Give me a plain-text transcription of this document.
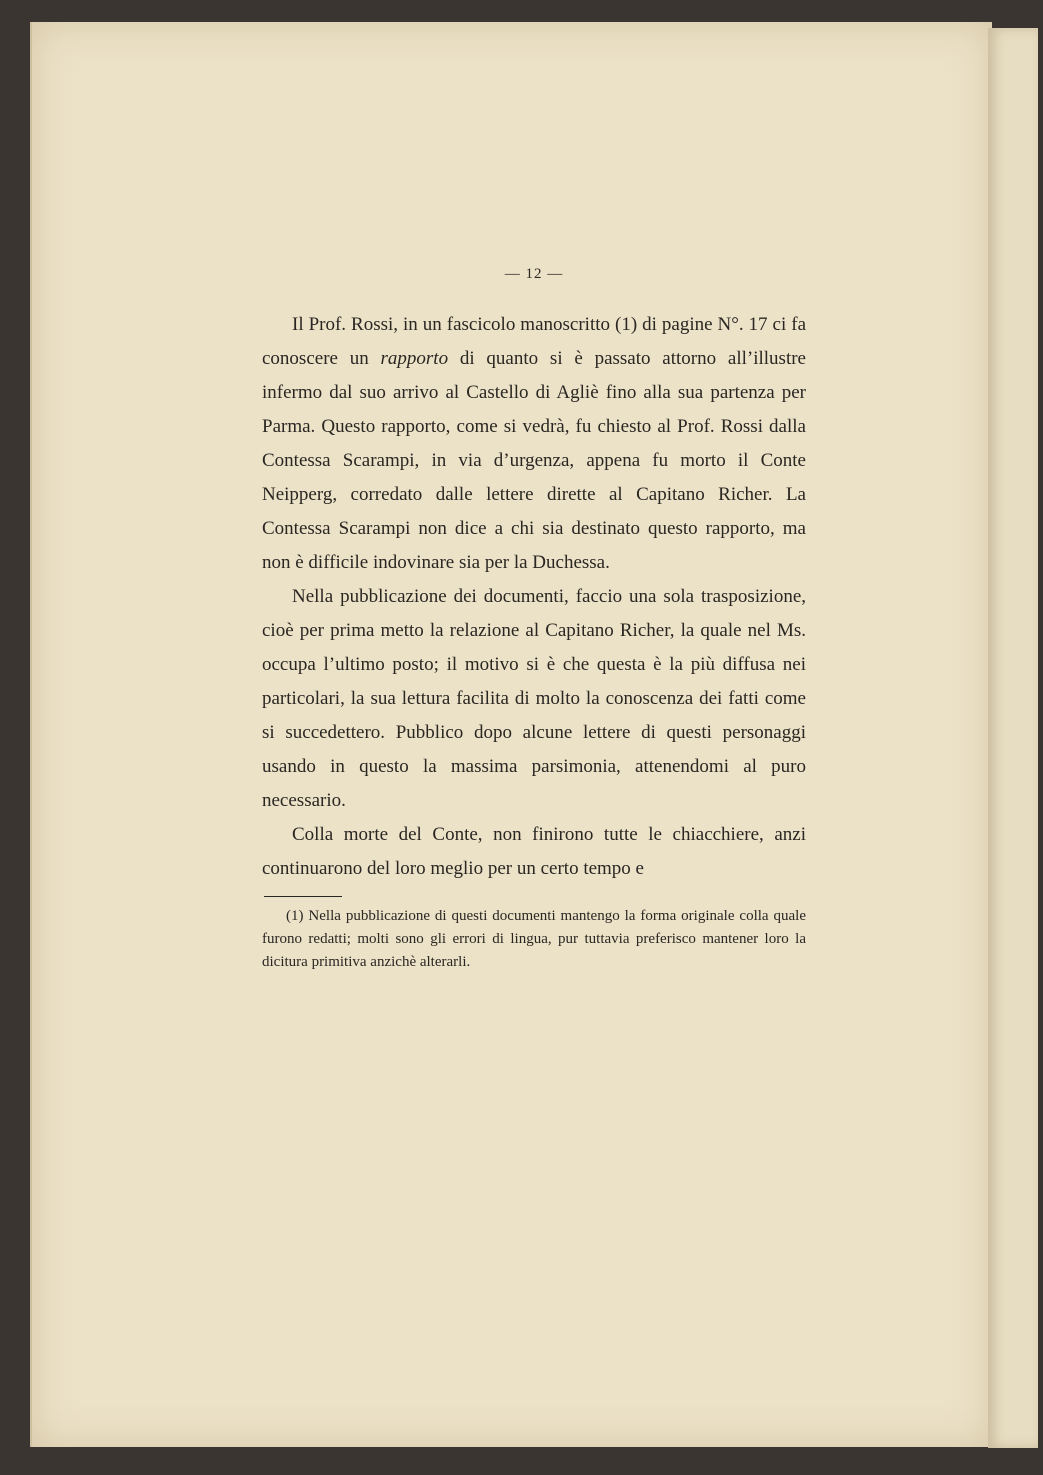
— 12 —

Il Prof. Rossi, in un fascicolo manoscritto (1) di pagine N°. 17 ci fa conoscere un rapporto di quanto si è passato attorno all’illustre infermo dal suo arrivo al Castello di Agliè fino alla sua partenza per Parma. Questo rapporto, come si vedrà, fu chiesto al Prof. Rossi dalla Contessa Scarampi, in via d’urgenza, appena fu morto il Conte Neipperg, corredato dalle lettere dirette al Capitano Richer. La Contessa Scarampi non dice a chi sia destinato questo rapporto, ma non è difficile indovinare sia per la Duchessa.

Nella pubblicazione dei documenti, faccio una sola trasposizione, cioè per prima metto la relazione al Capitano Richer, la quale nel Ms. occupa l’ultimo posto; il motivo si è che questa è la più diffusa nei particolari, la sua lettura facilita di molto la conoscenza dei fatti come si succedettero. Pubblico dopo alcune lettere di questi personaggi usando in questo la massima parsimonia, attenendomi al puro necessario.

Colla morte del Conte, non finirono tutte le chiacchiere, anzi continuarono del loro meglio per un certo tempo e

(1) Nella pubblicazione di questi documenti mantengo la forma originale colla quale furono redatti; molti sono gli errori di lingua, pur tuttavia preferisco mantener loro la dicitura primitiva anzichè alterarli.
